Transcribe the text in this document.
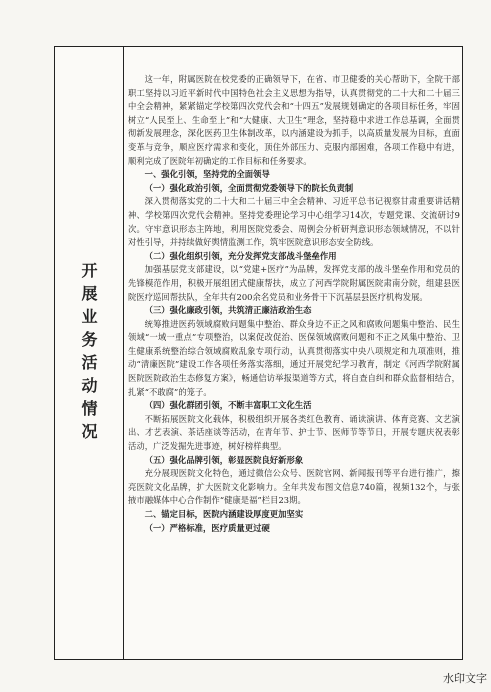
开
展
业
务
活
动
情
况

这一年，附属医院在校党委的正确领导下，在省、市卫健委的关心帮助下，全院干部职工坚持以习近平新时代中国特色社会主义思想为指导，认真贯彻党的二十大和二十届三中全会精神，紧紧锚定学校第四次党代会和“十四五”发展规划确定的各项目标任务，牢固树立“人民至上、生命至上”和“大健康、大卫生”理念，坚持稳中求进工作总基调，全面贯彻新发展理念，深化医药卫生体制改革，以内涵建设为抓手，以高质量发展为目标，直面变革与竞争，顺应医疗需求和变化，顶住外部压力、克服内部困难，各项工作稳中有进，顺利完成了医院年初确定的工作目标和任务要求。

一、强化引领，坚持党的全面领导
（一）强化政治引领，全面贯彻党委领导下的院长负责制

深入贯彻落实党的二十大和二十届三中全会精神、习近平总书记视察甘肃重要讲话精神、学校第四次党代会精神。坚持党委理论学习中心组学习14次，专题党课、交流研讨9次。守牢意识形态主阵地，利用医院党委会、周例会分析研判意识形态领域情况，不以针对性引导，并持续做好舆情监测工作，筑牢医院意识形态安全防线。

（二）强化组织引领，充分发挥党支部战斗堡垒作用

加强基层党支部建设，以“党建+医疗”为品牌，发挥党支部的战斗堡垒作用和党员的先锋模范作用，积极开展组团式健康帮扶，成立了河西学院附属医院肃南分院，组建县医院医疗巡回帮扶队，全年共有200余名党员和业务骨干下沉基层县医疗机构发展。

（三）强化廉政引领，共筑清正廉洁政治生态

统筹推进医药领域腐败问题集中整治、群众身边不正之风和腐败问题集中整治、民生领域“一域一重点”专项整治，以案促改促治、医保领域腐败问题和不正之风集中整治、卫生健康系统整治综合领域腐败乱象专项行动，认真贯彻落实中央八项规定和九项准则，推动“清廉医院”建设工作各项任务落实落细，通过开展党纪学习教育，制定《河西学院附属医院医院政治生态修复方案》，畅通信访举报渠道等方式，将自查自纠和群众监督相结合，扎紧“不敢腐”的笼子。

（四）强化群团引领，不断丰富职工文化生活

不断拓展医院文化载体，积极组织开展各类红色教育、诵读演讲、体育竞赛、文艺演出、才艺表演、茶话座谈等活动，在青年节、护士节、医师节等节日，开展专题庆祝表彰活动，广泛发掘先进事迹，树好榜样典型。

（五）强化品牌引领，彰显医院良好新形象

充分展现医院文化特色，通过微信公众号、医院官网、新闻报刊等平台进行推广，擦亮医院文化品牌，扩大医院文化影响力。全年共发布图文信息740篇，视频132个，与张掖市融媒体中心合作制作“健康是福”栏目23期。

二、锚定目标，医院内涵建设厚度更加坚实
（一）严格标准，医疗质量更过硬
水印文字
